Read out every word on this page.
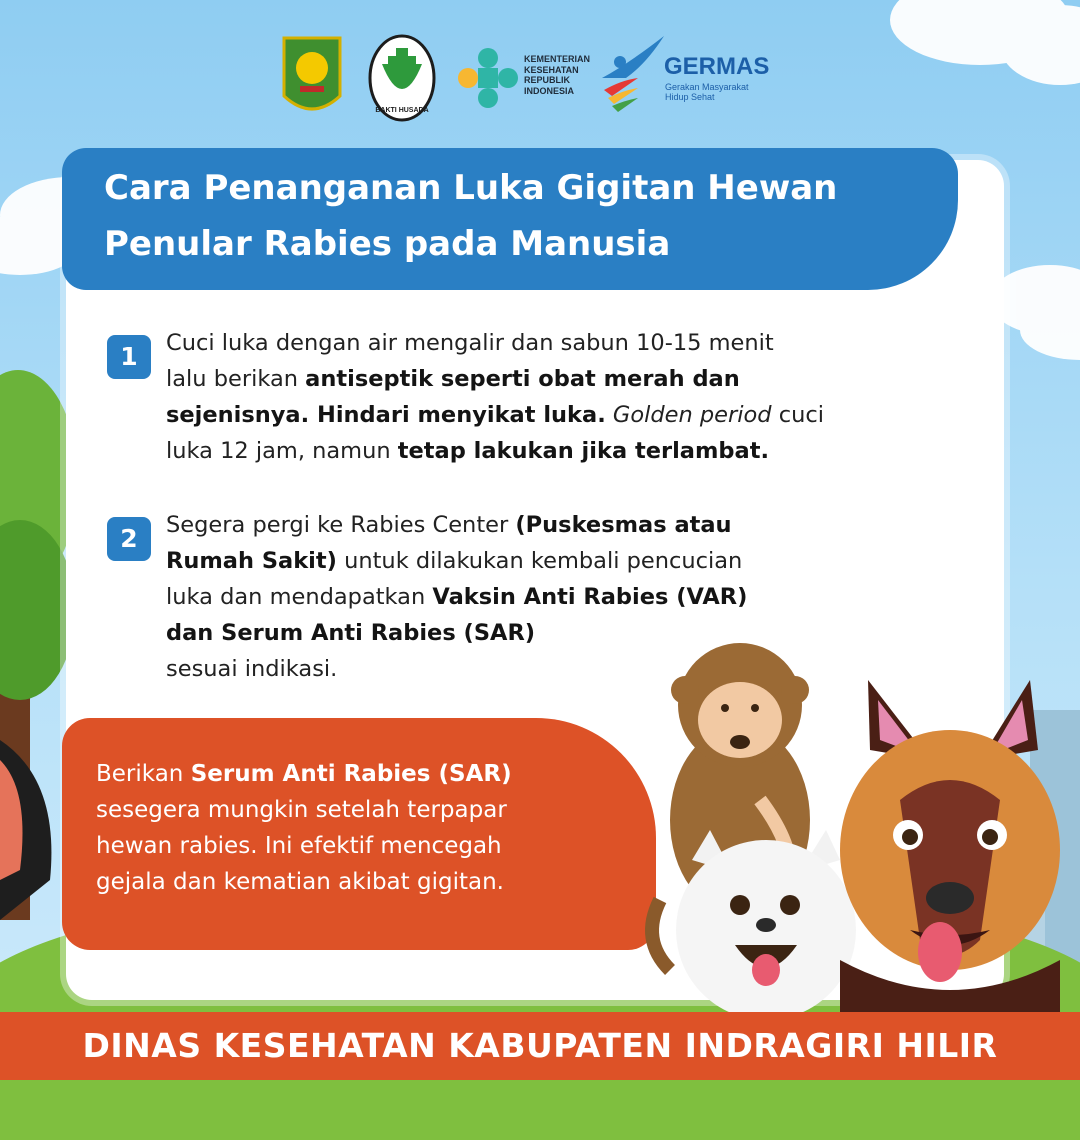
Cara Penanganan Luka Gigitan Hewan
Penular Rabies pada Manusia
BAKTI HUSADA
KEMENTERIAN
KESEHATAN
REPUBLIK
INDONESIA
GERMAS
Gerakan Masyarakat
Hidup Sehat
1	Cuci luka dengan air mengalir dan sabun 10-15 menit
lalu berikan antiseptik seperti obat merah dan
sejenisnya. Hindari menyikat luka. Golden period cuci
luka 12 jam, namun tetap lakukan jika terlambat.
2	Segera pergi ke Rabies Center (Puskesmas atau
Rumah Sakit) untuk dilakukan kembali pencucian
luka dan mendapatkan Vaksin Anti Rabies (VAR)
dan Serum Anti Rabies (SAR)
sesuai indikasi.
Berikan Serum Anti Rabies (SAR)
sesegera mungkin setelah terpapar
hewan rabies. Ini efektif mencegah
gejala dan kematian akibat gigitan.
DINAS KESEHATAN KABUPATEN INDRAGIRI HILIR
